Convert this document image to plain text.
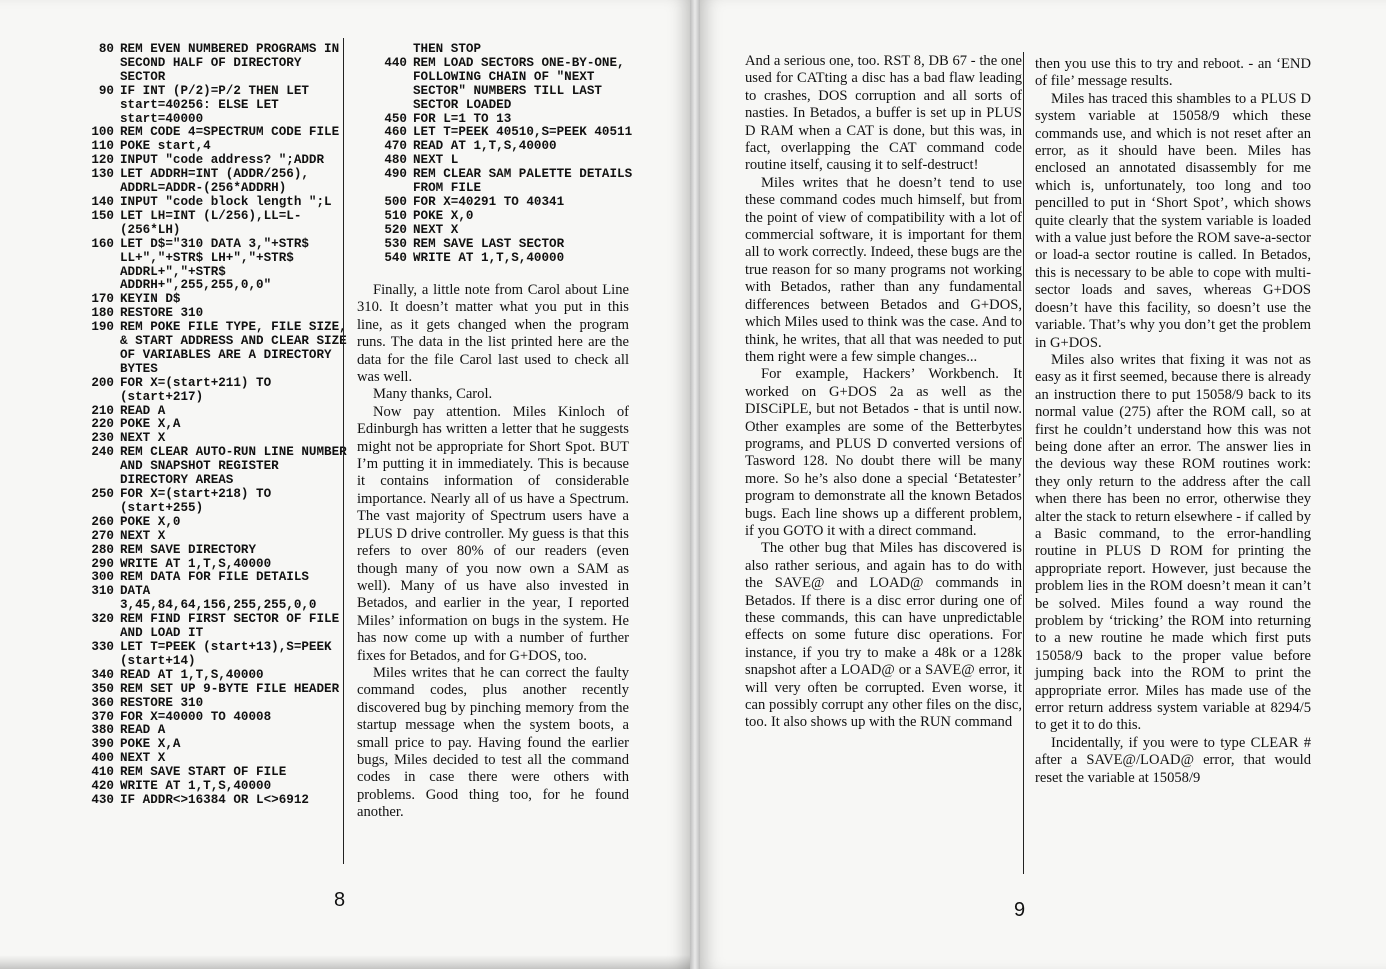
80 REM EVEN NUMBERED PROGRAMS IN SECOND HALF OF DIRECTORY SECTOR
90 IF INT (P/2)=P/2 THEN LET start=40256: ELSE LET start=40000
100 REM CODE 4=SPECTRUM CODE FILE
110 POKE start,4
120 INPUT "code address? ";ADDR
130 LET ADDRH=INT (ADDR/256), ADDRL=ADDR-(256*ADDRH)
140 INPUT "code block length ";L
150 LET LH=INT (L/256),LL=L-(256*LH)
160 LET D$="310 DATA 3,"+STR$ LL+","+STR$ LH+","+STR$ ADDRL+","+STR$ ADDRH+",255,255,0,0"
170 KEYIN D$
180 RESTORE 310
190 REM POKE FILE TYPE, FILE SIZE, & START ADDRESS AND CLEAR SIZE OF VARIABLES ARE A DIRECTORY BYTES
200 FOR X=(start+211) TO (start+217)
210 READ A
220 POKE X,A
230 NEXT X
240 REM CLEAR AUTO-RUN LINE NUMBER AND SNAPSHOT REGISTER DIRECTORY AREAS
250 FOR X=(start+218) TO (start+255)
260 POKE X,0
270 NEXT X
280 REM SAVE DIRECTORY
290 WRITE AT 1,T,S,40000
300 REM DATA FOR FILE DETAILS
310 DATA 3,45,84,64,156,255,255,0,0
320 REM FIND FIRST SECTOR OF FILE AND LOAD IT
330 LET T=PEEK (start+13),S=PEEK (start+14)
340 READ AT 1,T,S,40000
350 REM SET UP 9-BYTE FILE HEADER
360 RESTORE 310
370 FOR X=40000 TO 40008
380 READ A
390 POKE X,A
400 NEXT X
410 REM SAVE START OF FILE
420 WRITE AT 1,T,S,40000
430 IF ADDR<>16384 OR L<>6912
THEN STOP
440 REM LOAD SECTORS ONE-BY-ONE, FOLLOWING CHAIN OF "NEXT SECTOR" NUMBERS TILL LAST SECTOR LOADED
450 FOR L=1 TO 13
460 LET T=PEEK 40510,S=PEEK 40511
470 READ AT 1,T,S,40000
480 NEXT L
490 REM CLEAR SAM PALETTE DETAILS FROM FILE
500 FOR X=40291 TO 40341
510 POKE X,0
520 NEXT X
530 REM SAVE LAST SECTOR
540 WRITE AT 1,T,S,40000

Finally, a little note from Carol about Line 310. It doesn’t matter what you put in this line, as it gets changed when the program runs. The data in the list printed here are the data for the file Carol last used to check all was well.

Many thanks, Carol.

Now pay attention. Miles Kinloch of Edinburgh has written a letter that he suggests might not be appropriate for Short Spot. BUT I’m putting it in immediately. This is because it contains information of considerable importance. Nearly all of us have a Spectrum. The vast majority of Spectrum users have a PLUS D drive controller. My guess is that this refers to over 80% of our readers (even though many of you now own a SAM as well). Many of us have also invested in Betados, and earlier in the year, I reported Miles’ information on bugs in the system. He has now come up with a number of further fixes for Betados, and for G+DOS, too.

Miles writes that he can correct the faulty command codes, plus another recently discovered bug by pinching memory from the startup message when the system boots, a small price to pay. Having found the earlier bugs, Miles decided to test all the command codes in case there were others with problems. Good thing too, for he found another.

8

And a serious one, too. RST 8, DB 67 - the one used for CATting a disc has a bad flaw leading to crashes, DOS corruption and all sorts of nasties. In Betados, a buffer is set up in PLUS D RAM when a CAT is done, but this was, in fact, overlapping the CAT command code routine itself, causing it to self-destruct!

Miles writes that he doesn’t tend to use these command codes much himself, but from the point of view of compatibility with a lot of commercial software, it is important for them all to work correctly. Indeed, these bugs are the true reason for so many programs not working with Betados, rather than any fundamental differences between Betados and G+DOS, which Miles used to think was the case. And to think, he writes, that all that was needed to put them right were a few simple changes...

For example, Hackers’ Workbench. It worked on G+DOS 2a as well as the DISCiPLE, but not Betados - that is until now. Other examples are some of the Betterbytes programs, and PLUS D converted versions of Tasword 128. No doubt there will be many more. So he’s also done a special ‘Betatester’ program to demonstrate all the known Betados bugs. Each line shows up a different problem, if you GOTO it with a direct command.

The other bug that Miles has discovered is also rather serious, and again has to do with the SAVE@ and LOAD@ commands in Betados. If there is a disc error during one of these commands, this can have unpredictable effects on some future disc operations. For instance, if you try to make a 48k or a 128k snapshot after a LOAD@ or a SAVE@ error, it will very often be corrupted. Even worse, it can possibly corrupt any other files on the disc, too. It also shows up with the RUN command

then you use this to try and reboot. - an ‘END of file’ message results.

Miles has traced this shambles to a PLUS D system variable at 15058/9 which these commands use, and which is not reset after an error, as it should have been. Miles has enclosed an annotated disassembly for me which is, unfortunately, too long and too pencilled to put in ‘Short Spot’, which shows quite clearly that the system variable is loaded with a value just before the ROM save-a-sector or load-a sector routine is called. In Betados, this is necessary to be able to cope with multi-sector loads and saves, whereas G+DOS doesn’t have this facility, so doesn’t use the variable. That’s why you don’t get the problem in G+DOS.

Miles also writes that fixing it was not as easy as it first seemed, because there is already an instruction there to put 15058/9 back to its normal value (275) after the ROM call, so at first he couldn’t understand how this was not being done after an error. The answer lies in the devious way these ROM routines work: they only return to the address after the call when there has been no error, otherwise they alter the stack to return elsewhere - if called by a Basic command, to the error-handling routine in PLUS D ROM for printing the appropriate report. However, just because the problem lies in the ROM doesn’t mean it can’t be solved. Miles found a way round the problem by ‘tricking’ the ROM into returning to a new routine he made which first puts 15058/9 back to the proper value before jumping back into the ROM to print the appropriate error. Miles has made use of the error return address system variable at 8294/5 to get it to do this.

Incidentally, if you were to type CLEAR # after a SAVE@/LOAD@ error, that would reset the variable at 15058/9

9
